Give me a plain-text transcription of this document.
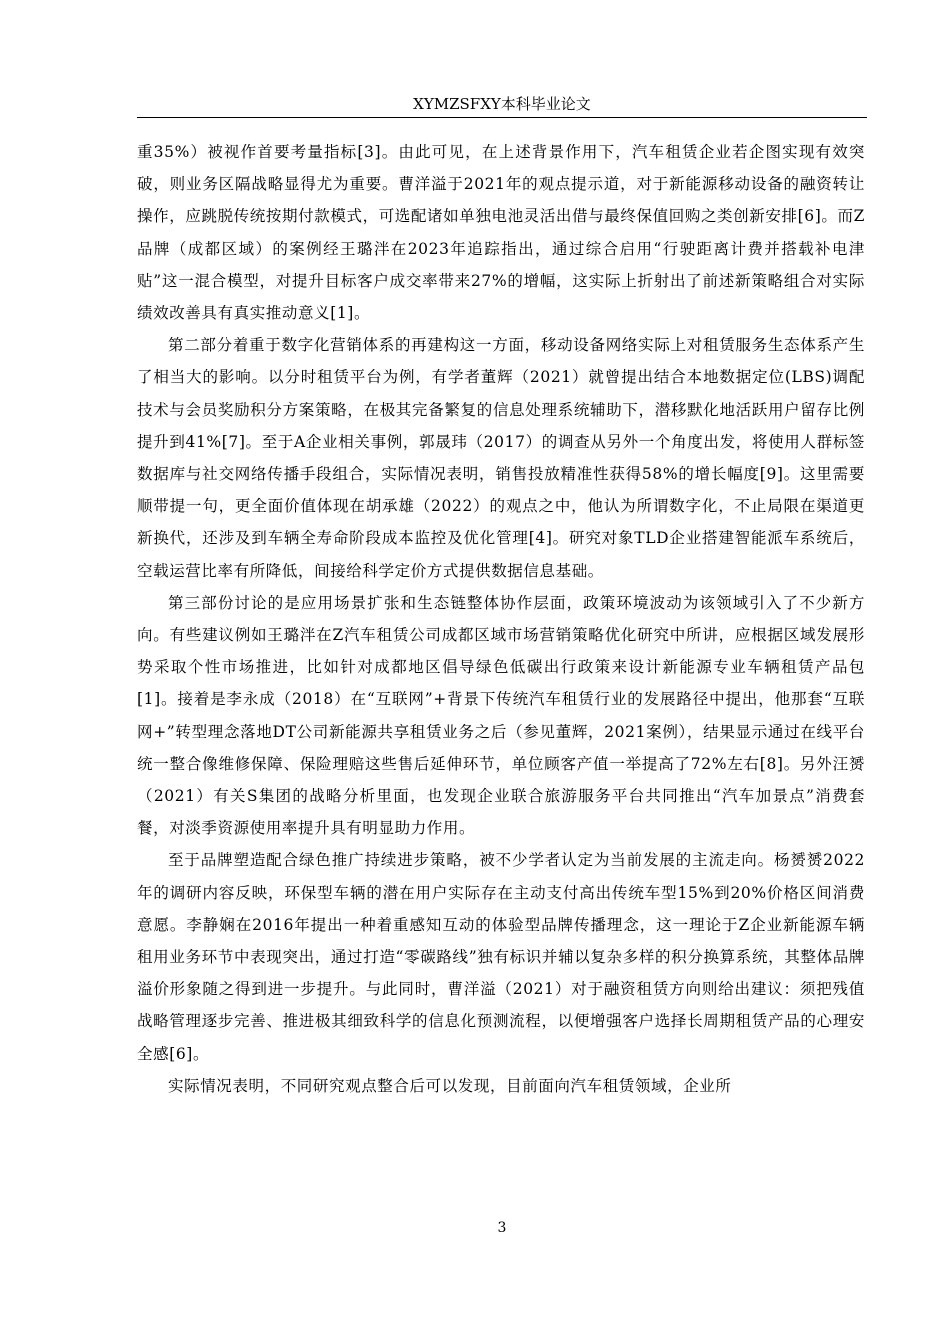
XYMZSFXY本科毕业论文

重35%）被视作首要考量指标[3]。由此可见，在上述背景作用下，汽车租赁企业若企图实现有效突破，则业务区隔战略显得尤为重要。曹洋溢于2021年的观点提示道，对于新能源移动设备的融资转让操作，应跳脱传统按期付款模式，可选配诸如单独电池灵活出借与最终保值回购之类创新安排[6]。而Z品牌（成都区域）的案例经王璐泮在2023年追踪指出，通过综合启用“行驶距离计费并搭载补电津贴”这一混合模型，对提升目标客户成交率带来27%的增幅，这实际上折射出了前述新策略组合对实际绩效改善具有真实推动意义[1]。

第二部分着重于数字化营销体系的再建构这一方面，移动设备网络实际上对租赁服务生态体系产生了相当大的影响。以分时租赁平台为例，有学者董辉（2021）就曾提出结合本地数据定位(LBS)调配技术与会员奖励积分方案策略，在极其完备繁复的信息处理系统辅助下，潜移默化地活跃用户留存比例提升到41%[7]。至于A企业相关事例，郭晟玮（2017）的调查从另外一个角度出发，将使用人群标签数据库与社交网络传播手段组合，实际情况表明，销售投放精准性获得58%的增长幅度[9]。这里需要顺带提一句，更全面价值体现在胡承雄（2022）的观点之中，他认为所谓数字化，不止局限在渠道更新换代，还涉及到车辆全寿命阶段成本监控及优化管理[4]。研究对象TLD企业搭建智能派车系统后，空载运营比率有所降低，间接给科学定价方式提供数据信息基础。

第三部份讨论的是应用场景扩张和生态链整体协作层面，政策环境波动为该领域引入了不少新方向。有些建议例如王璐泮在Z汽车租赁公司成都区域市场营销策略优化研究中所讲，应根据区域发展形势采取个性市场推进，比如针对成都地区倡导绿色低碳出行政策来设计新能源专业车辆租赁产品包[1]。接着是李永成（2018）在“互联网”+背景下传统汽车租赁行业的发展路径中提出，他那套“互联网+”转型理念落地DT公司新能源共享租赁业务之后（参见董辉，2021案例），结果显示通过在线平台统一整合像维修保障、保险理赔这些售后延伸环节，单位顾客产值一举提高了72%左右[8]。另外汪赟（2021）有关S集团的战略分析里面，也发现企业联合旅游服务平台共同推出“汽车加景点”消费套餐，对淡季资源使用率提升具有明显助力作用。

至于品牌塑造配合绿色推广持续进步策略，被不少学者认定为当前发展的主流走向。杨赟赟2022年的调研内容反映，环保型车辆的潜在用户实际存在主动支付高出传统车型15%到20%价格区间消费意愿。李静娴在2016年提出一种着重感知互动的体验型品牌传播理念，这一理论于Z企业新能源车辆租用业务环节中表现突出，通过打造“零碳路线”独有标识并辅以复杂多样的积分换算系统，其整体品牌溢价形象随之得到进一步提升。与此同时，曹洋溢（2021）对于融资租赁方向则给出建议：须把残值战略管理逐步完善、推进极其细致科学的信息化预测流程，以便增强客户选择长周期租赁产品的心理安全感[6]。

实际情况表明，不同研究观点整合后可以发现，目前面向汽车租赁领域，企业所

3
